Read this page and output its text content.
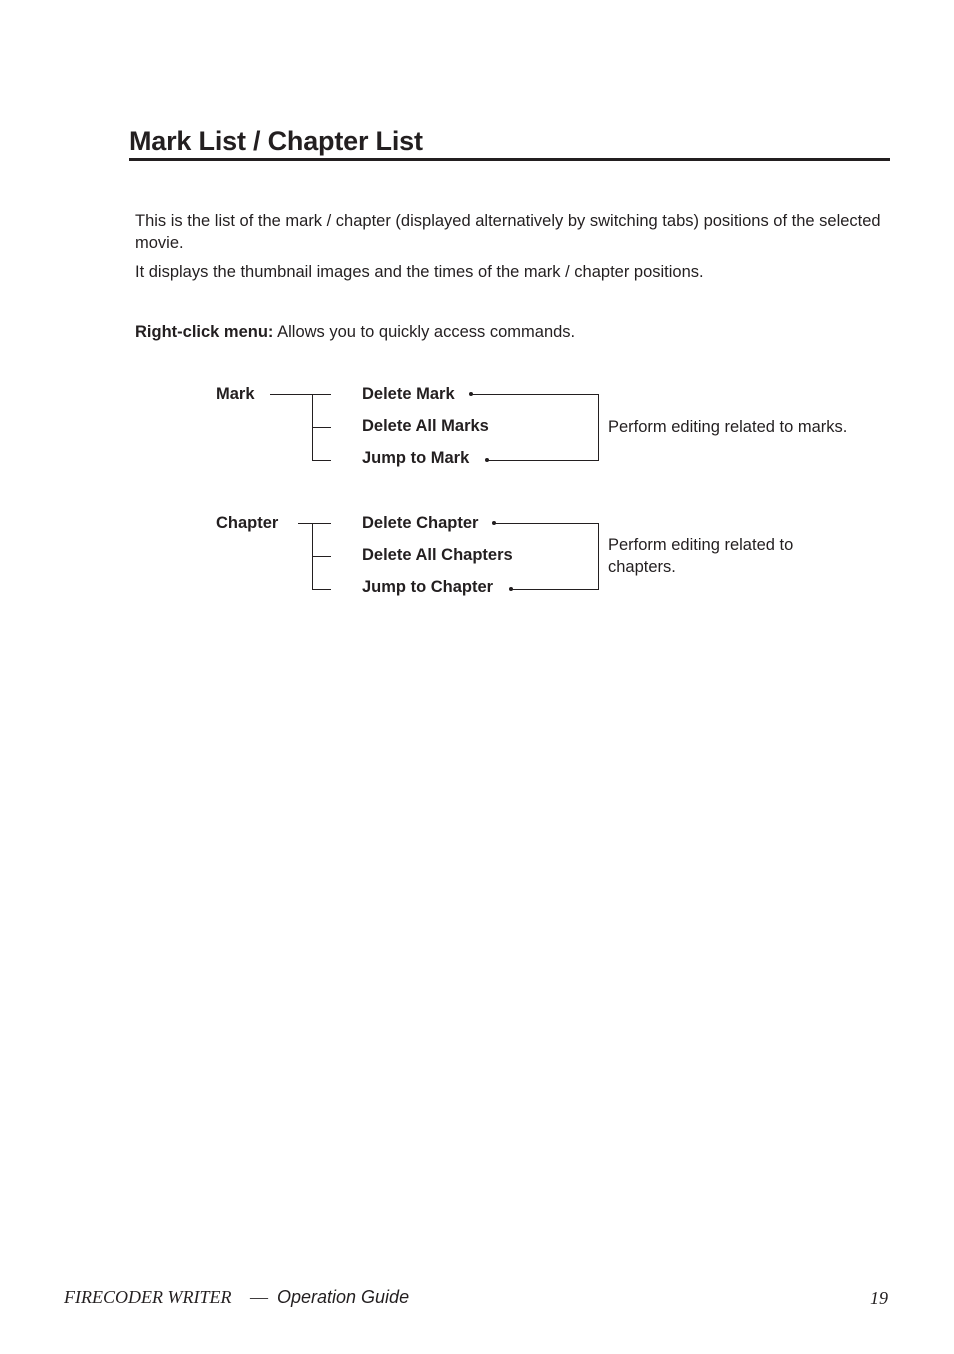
Mark List / Chapter List
This is the list of the mark / chapter (displayed alternatively by switching tabs) positions of the selected movie.
It displays the thumbnail images and the times of the mark / chapter positions.
Right-click menu: Allows you to quickly access commands.
Mark	Delete Mark
Delete All Marks
Jump to Mark
Perform editing related to marks.
Chapter	Delete Chapter
Delete All Chapters
Jump to Chapter
Perform editing related to chapters.
FIRECODER WRITER — Operation Guide	19
